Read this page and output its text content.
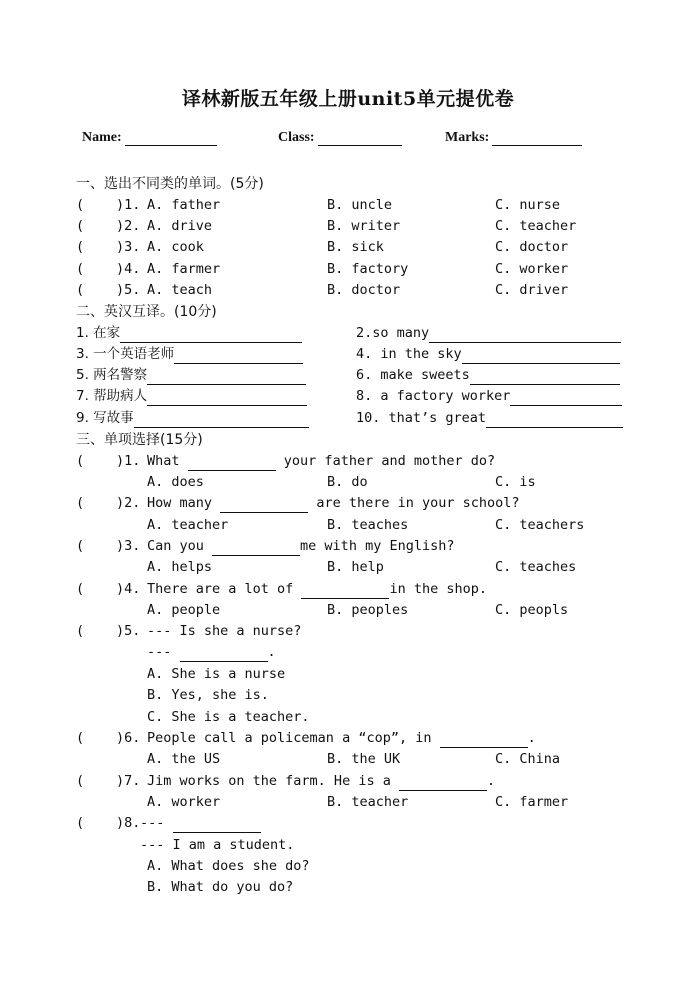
译林新版五年级上册unit5单元提优卷
Name:	Class:	Marks:
一、选出不同类的单词。(5分)
( )1. A. father	B. uncle	C. nurse
( )2. A. drive	B. writer	C. teacher
( )3. A. cook	B. sick	C. doctor
( )4. A. farmer	B. factory	C. worker
( )5. A. teach	B. doctor	C. driver
二、英汉互译。(10分)
1. 在家	2.so many
3. 一个英语老师	4. in the sky
5. 两名警察	6. make sweets
7. 帮助病人	8. a factory worker
9. 写故事	10. that’s great
三、单项选择(15分)
( )1. What	your father and mother do?
A. does	B. do	C. is
( )2. How many	are there in your school?
A. teacher	B. teaches	C. teachers
( )3. Can you	me with my English?
A. helps	B. help	C. teaches
( )4. There are a lot of	in the shop.
A. people	B. peoples	C. peopls
( )5. --- Is she a nurse?
---	.
A. She is a nurse
B. Yes, she is.
C. She is a teacher.
( )6. People call a policeman a “cop”, in	.
A. the US	B. the UK	C. China
( )7. Jim works on the farm. He is a	.
A. worker	B. teacher	C. farmer
( )8. ---
--- I am a student.
A. What does she do?
B. What do you do?
